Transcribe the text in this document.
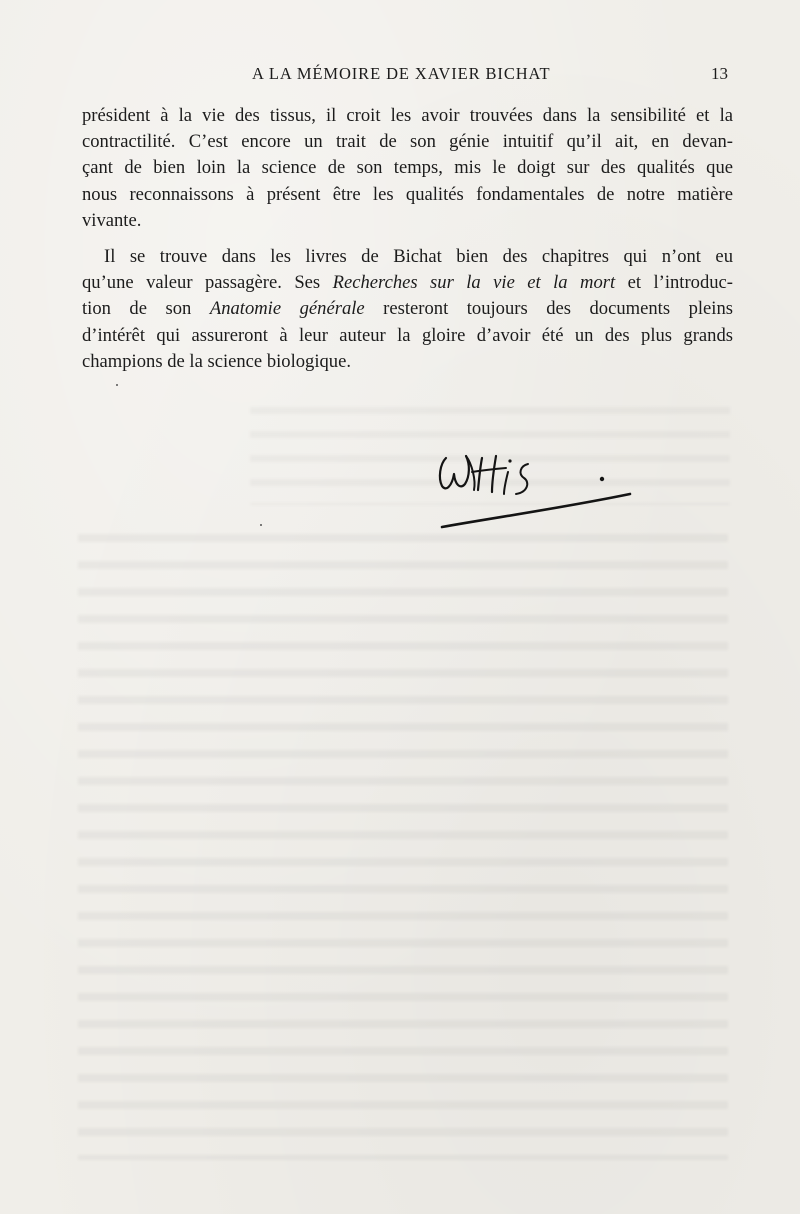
A LA MÉMOIRE DE XAVIER BICHAT	13

président à la vie des tissus, il croit les avoir trouvées dans la sensibilité et la
contractilité. C’est encore un trait de son génie intuitif qu’il ait, en devan-
çant de bien loin la science de son temps, mis le doigt sur des qualités que
nous reconnaissons à présent être les qualités fondamentales de notre matière
vivante.

Il se trouve dans les livres de Bichat bien des chapitres qui n’ont eu
qu’une valeur passagère. Ses Recherches sur la vie et la mort et l’introduc-
tion de son Anatomie générale resteront toujours des documents pleins
d’intérêt qui assureront à leur auteur la gloire d’avoir été un des plus grands
champions de la science biologique.
